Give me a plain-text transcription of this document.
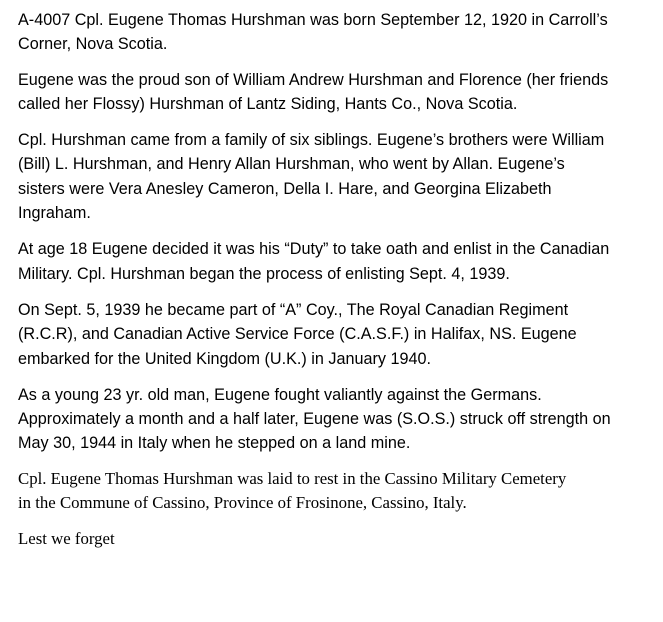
A-4007 Cpl. Eugene Thomas Hurshman was born September 12, 1920 in Carroll’s
Corner, Nova Scotia.

Eugene was the proud son of William Andrew Hurshman and Florence (her friends
called her Flossy) Hurshman of Lantz Siding, Hants Co., Nova Scotia.

Cpl. Hurshman came from a family of six siblings. Eugene’s brothers were William
(Bill) L. Hurshman, and Henry Allan Hurshman, who went by Allan. Eugene’s
sisters were Vera Anesley Cameron, Della I. Hare, and Georgina Elizabeth
Ingraham.

At age 18 Eugene decided it was his “Duty” to take oath and enlist in the Canadian
Military. Cpl. Hurshman began the process of enlisting Sept. 4, 1939.

On Sept. 5, 1939 he became part of “A” Coy., The Royal Canadian Regiment
(R.C.R), and Canadian Active Service Force (C.A.S.F.) in Halifax, NS. Eugene
embarked for the United Kingdom (U.K.) in January 1940.

As a young 23 yr. old man, Eugene fought valiantly against the Germans.
Approximately a month and a half later, Eugene was (S.O.S.) struck off strength on
May 30, 1944 in Italy when he stepped on a land mine.

Cpl. Eugene Thomas Hurshman was laid to rest in the Cassino Military Cemetery
in the Commune of Cassino, Province of Frosinone, Cassino, Italy.

Lest we forget
